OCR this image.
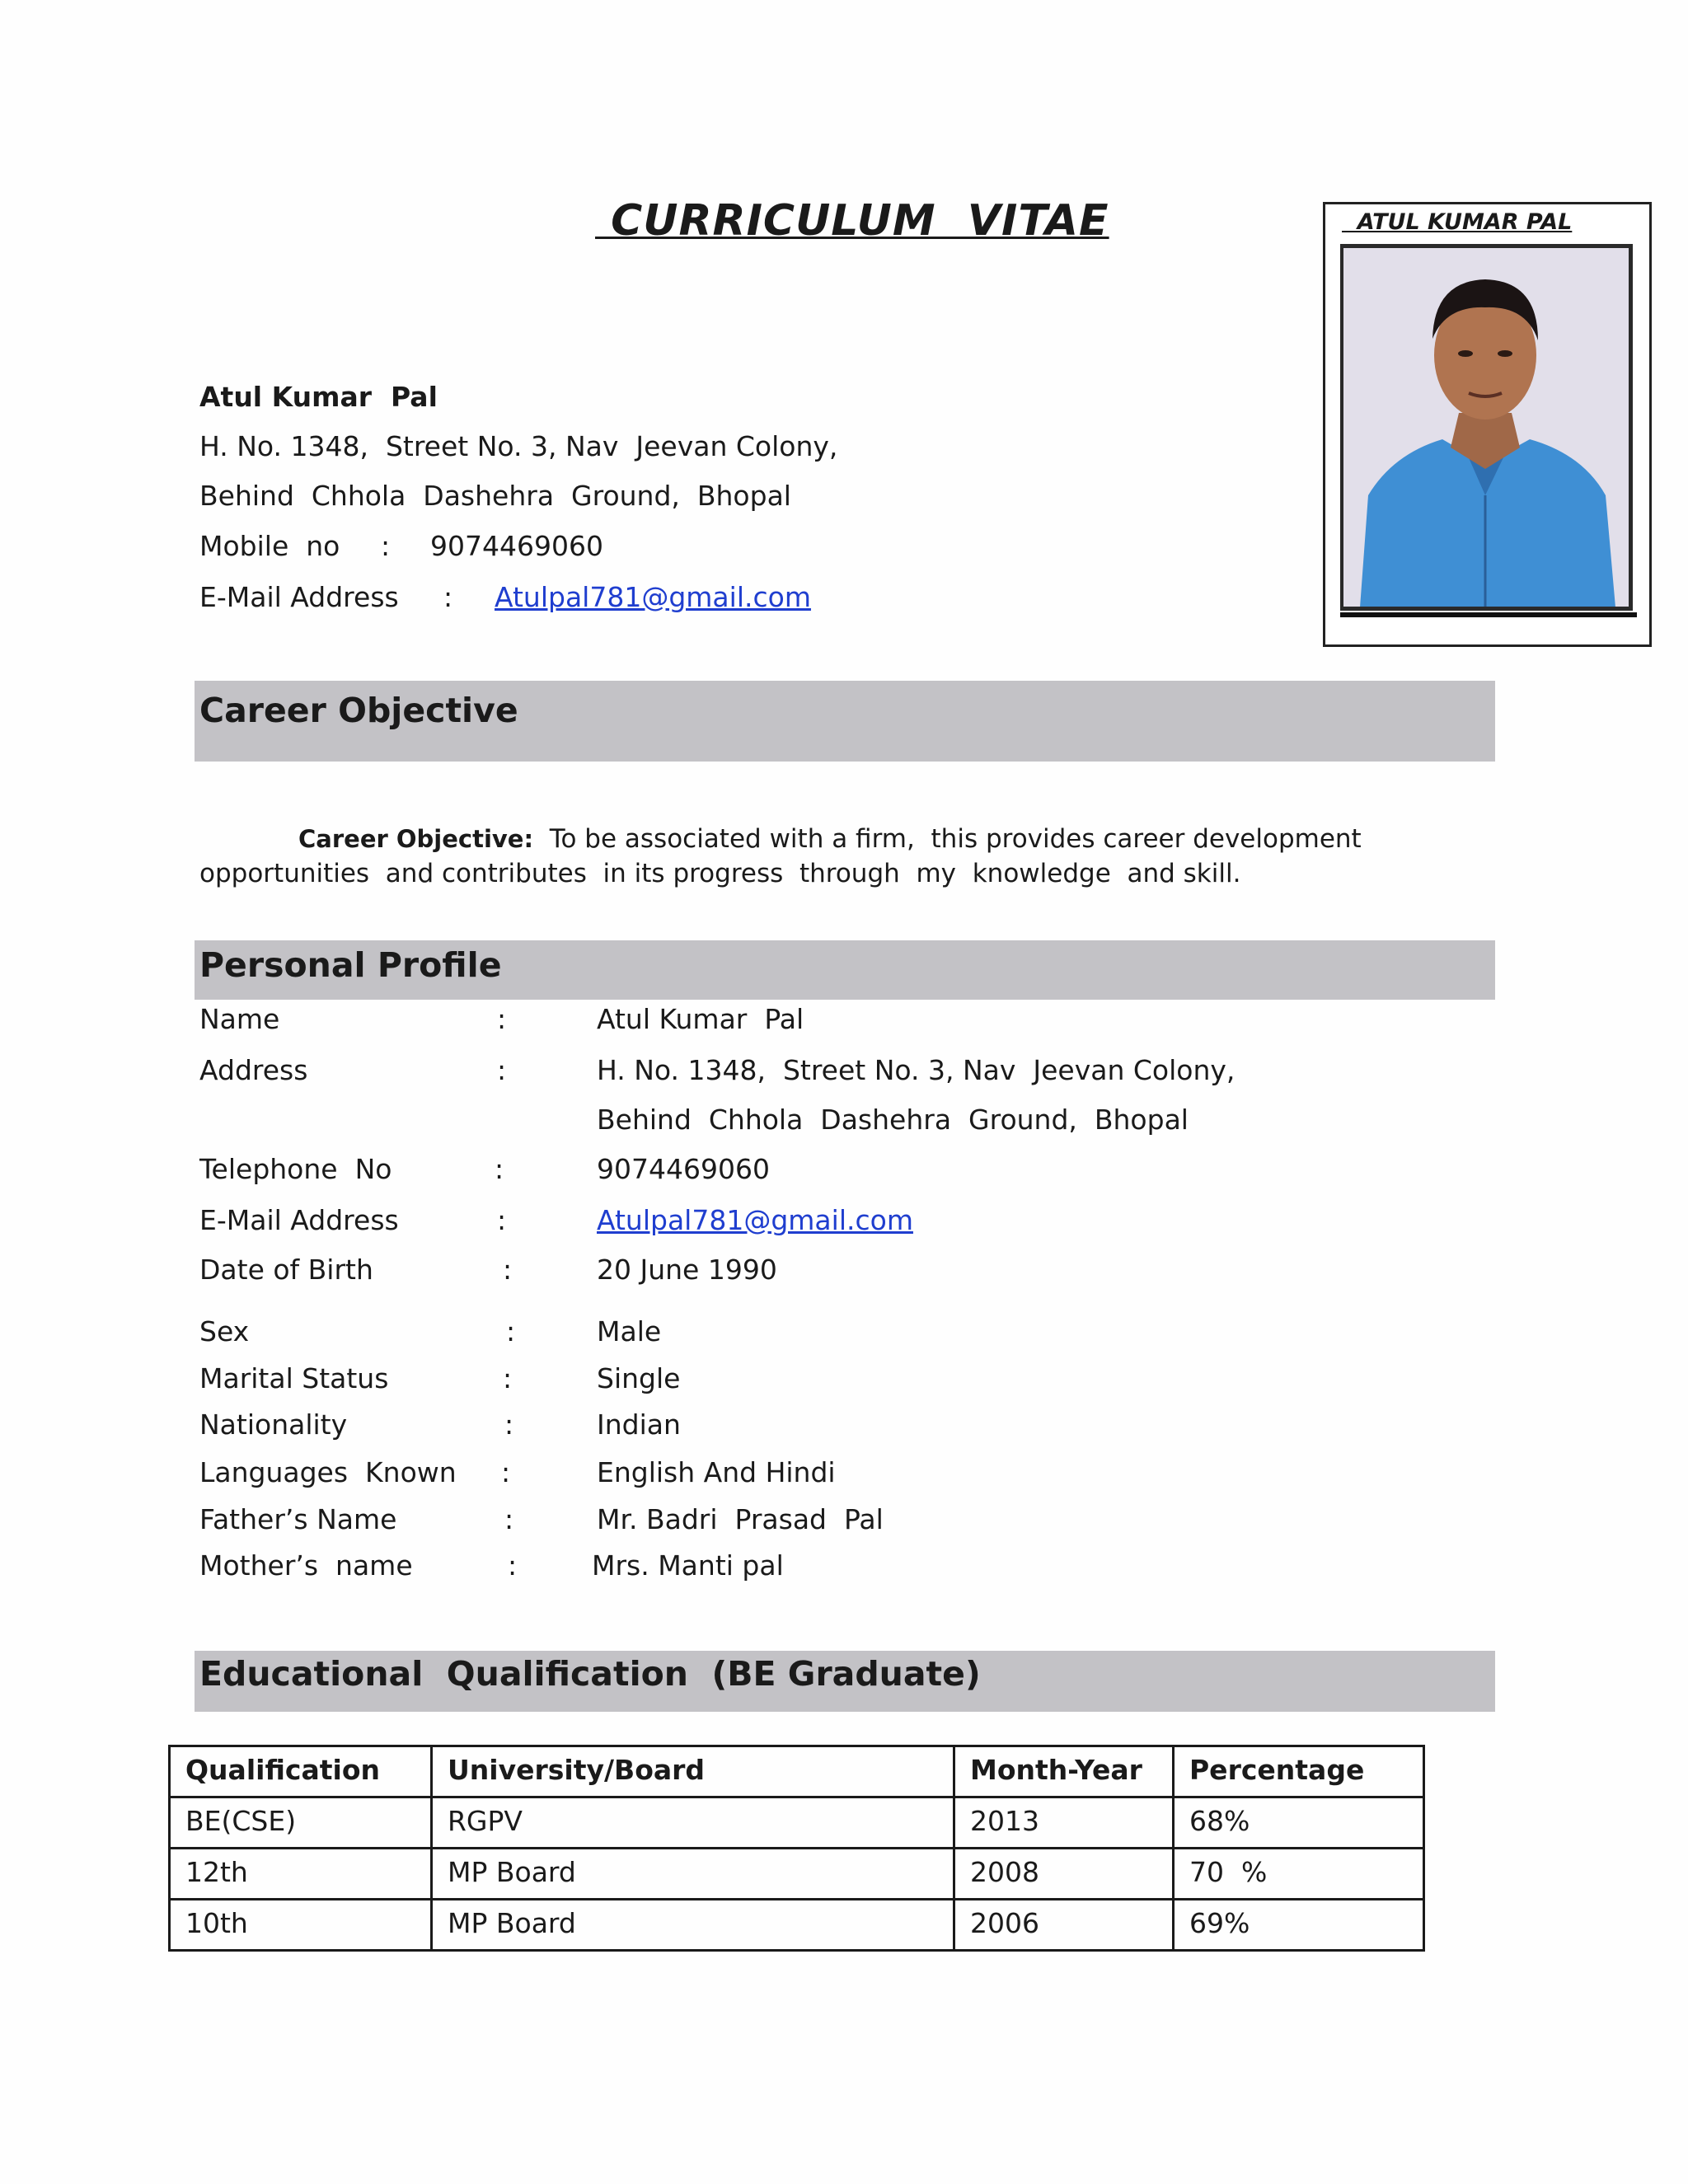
CURRICULUM  VITAE	ATUL KUMAR PAL
Atul Kumar  Pal
H. No. 1348,  Street No. 3, Nav  Jeevan Colony,
Behind  Chhola  Dashehra  Ground,  Bhopal
Mobile  no : 9074469060
E-Mail Address : Atulpal781@gmail.com
Career Objective
Career Objective: To be associated with a firm,  this provides career development
opportunities  and contributes  in its progress  through  my  knowledge  and skill.
Personal Profile
Name	:	Atul Kumar  Pal
Address	:	H. No. 1348,  Street No. 3, Nav  Jeevan Colony,
Behind  Chhola  Dashehra  Ground,  Bhopal
Telephone  No	:	9074469060
E-Mail Address	:	Atulpal781@gmail.com
Date of Birth	:	20 June 1990
Sex	:	Male
Marital Status	:	Single
Nationality	:	Indian
Languages  Known :	English And Hindi
Father’s Name	:	Mr. Badri  Prasad  Pal
Mother’s  name	:	Mrs. Manti pal
Educational  Qualification  (BE Graduate)
Qualification	University/Board	Month-Year	Percentage
BE(CSE)	RGPV	2013	68%
12th	MP Board	2008	70  %
10th	MP Board	2006	69%
